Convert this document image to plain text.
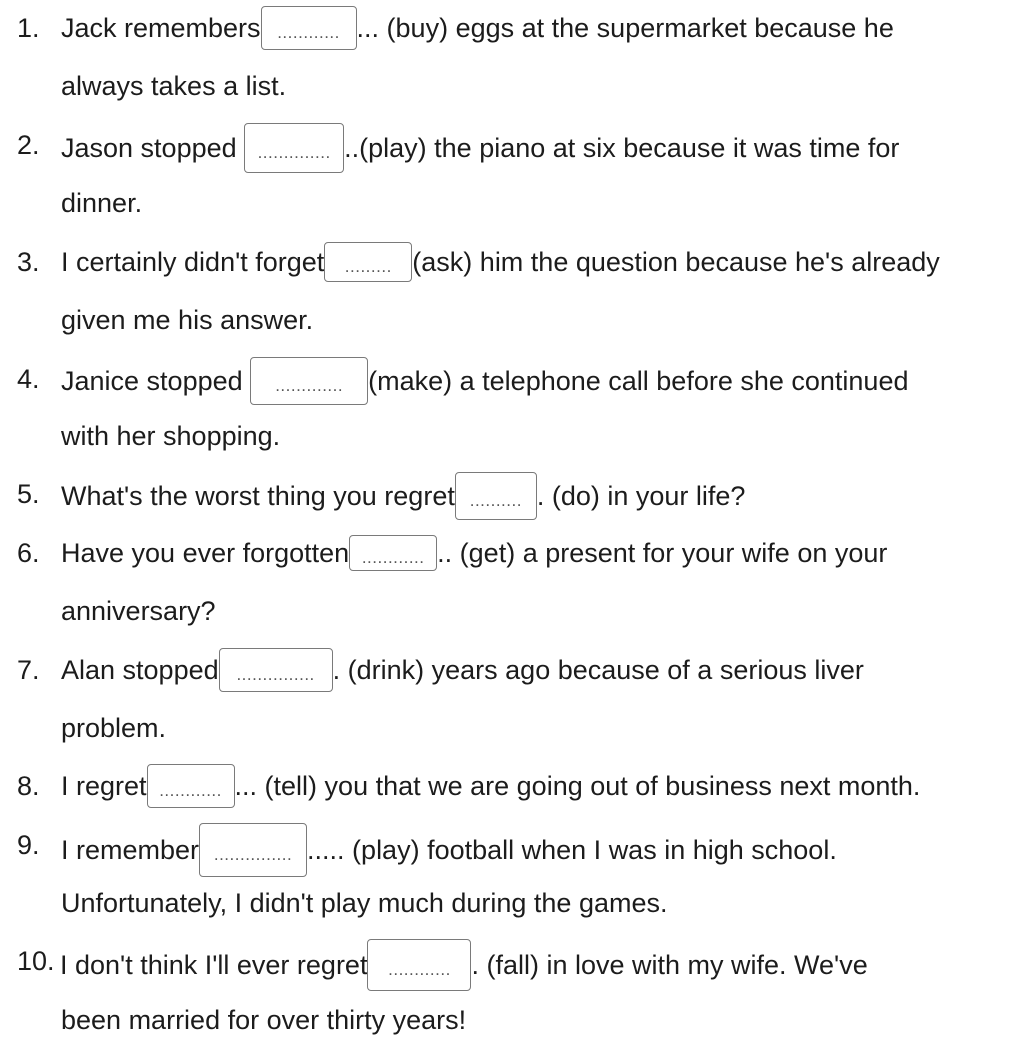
1. Jack remembers ............ ... (buy) eggs at the supermarket because he
always takes a list.
2. Jason stopped .............. ..(play) the piano at six because it was time for
dinner.
3. I certainly didn't forget ......... (ask) him the question because he's already
given me his answer.
4. Janice stopped ............. (make) a telephone call before she continued
with her shopping.
5. What's the worst thing you regret .......... . (do) in your life?
6. Have you ever forgotten ............ .. (get) a present for your wife on your
anniversary?
7. Alan stopped ............... . (drink) years ago because of a serious liver
problem.
8. I regret ............ ... (tell) you that we are going out of business next month.
9. I remember ............... ..... (play) football when I was in high school.
Unfortunately, I didn't play much during the games.
10. I don't think I'll ever regret ............ . (fall) in love with my wife. We've
been married for over thirty years!
